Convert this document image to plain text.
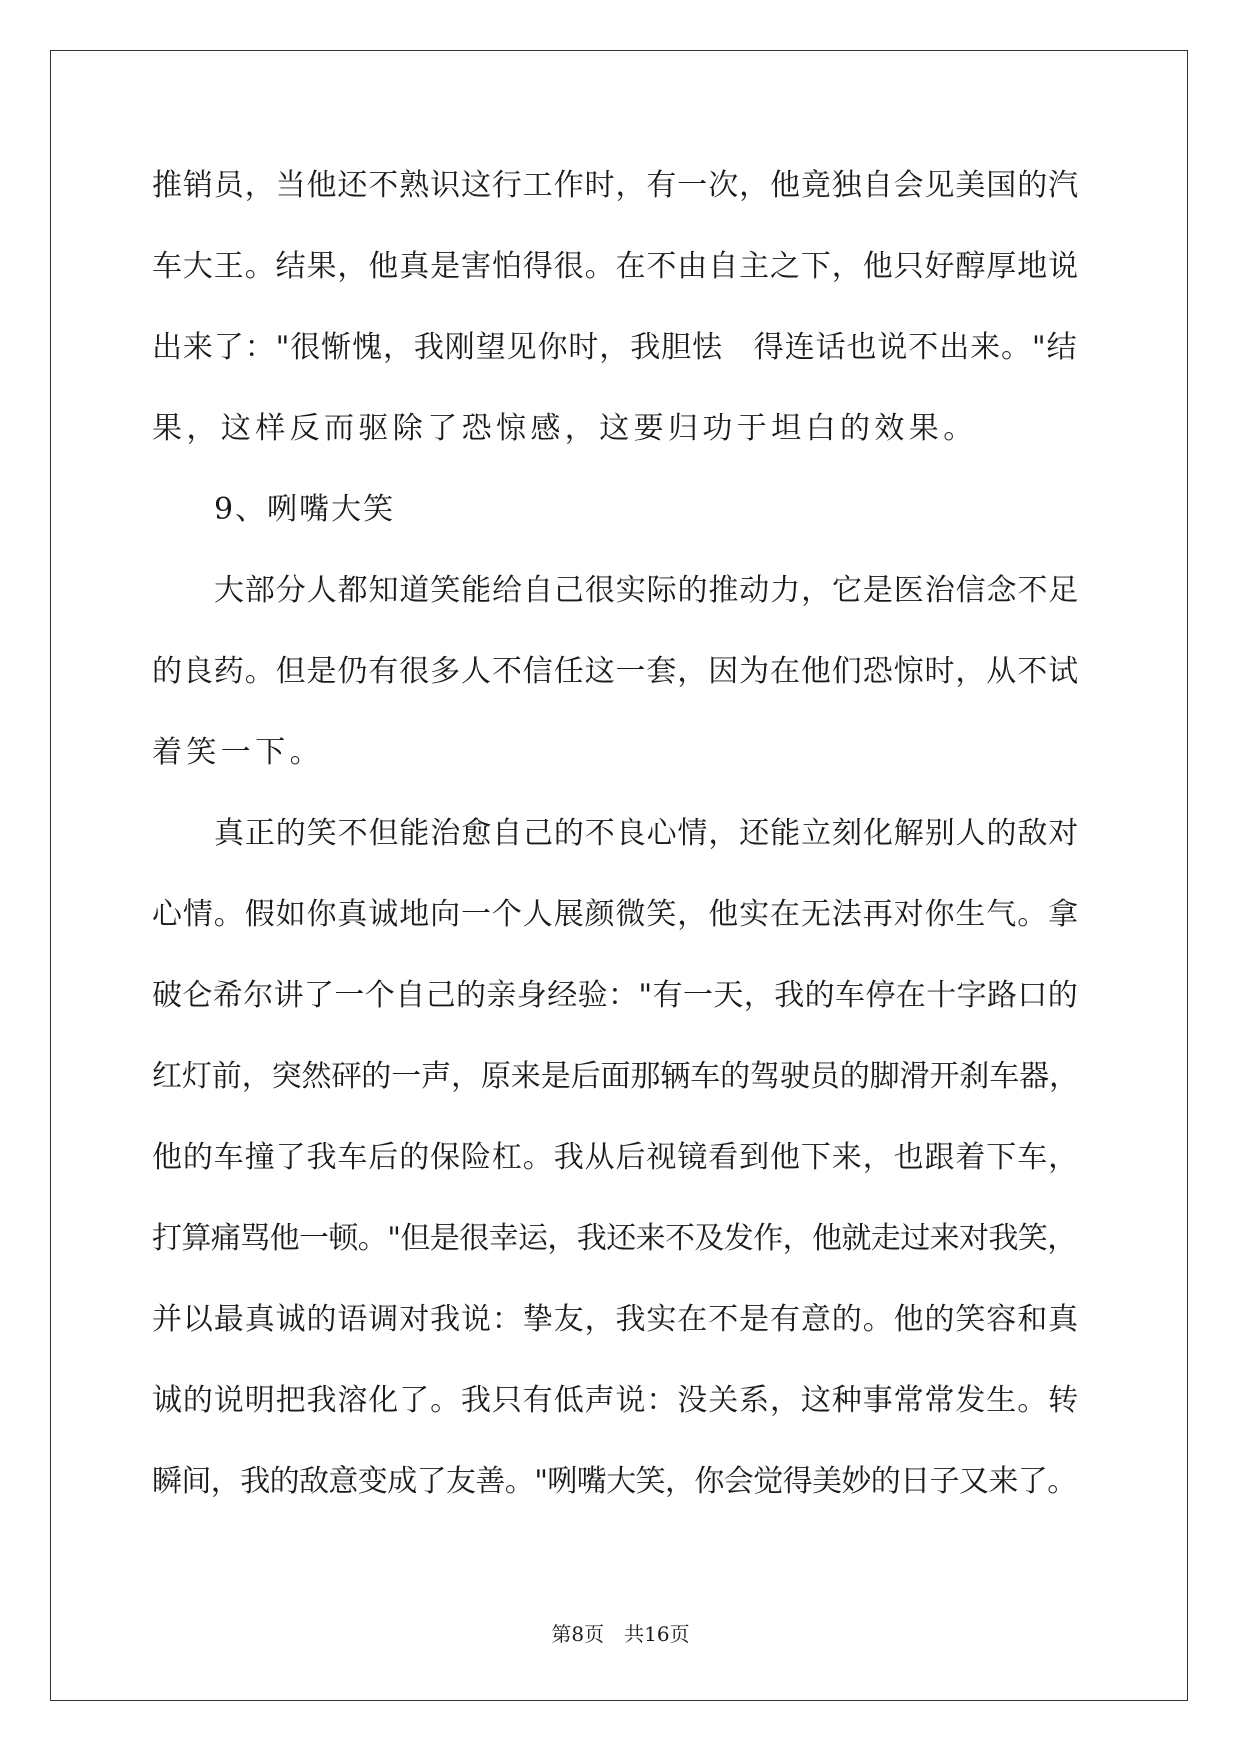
推销员，当他还不熟识这行工作时，有一次，他竟独自会见美国的汽
车大王。结果，他真是害怕得很。在不由自主之下，他只好醇厚地说
出来了："很惭愧，我刚望见你时，我胆怯　得连话也说不出来。"结
果，这样反而驱除了恐惊感，这要归功于坦白的效果。
9、咧嘴大笑
大部分人都知道笑能给自己很实际的推动力，它是医治信念不足
的良药。但是仍有很多人不信任这一套，因为在他们恐惊时，从不试
着笑一下。
真正的笑不但能治愈自己的不良心情，还能立刻化解别人的敌对
心情。假如你真诚地向一个人展颜微笑，他实在无法再对你生气。拿
破仑希尔讲了一个自己的亲身经验："有一天，我的车停在十字路口的
红灯前，突然砰的一声，原来是后面那辆车的驾驶员的脚滑开刹车器，
他的车撞了我车后的保险杠。我从后视镜看到他下来，也跟着下车，
打算痛骂他一顿。"但是很幸运，我还来不及发作，他就走过来对我笑，
并以最真诚的语调对我说：挚友，我实在不是有意的。他的笑容和真
诚的说明把我溶化了。我只有低声说：没关系，这种事常常发生。转
瞬间，我的敌意变成了友善。"咧嘴大笑，你会觉得美妙的日子又来了。
第8页 共16页
